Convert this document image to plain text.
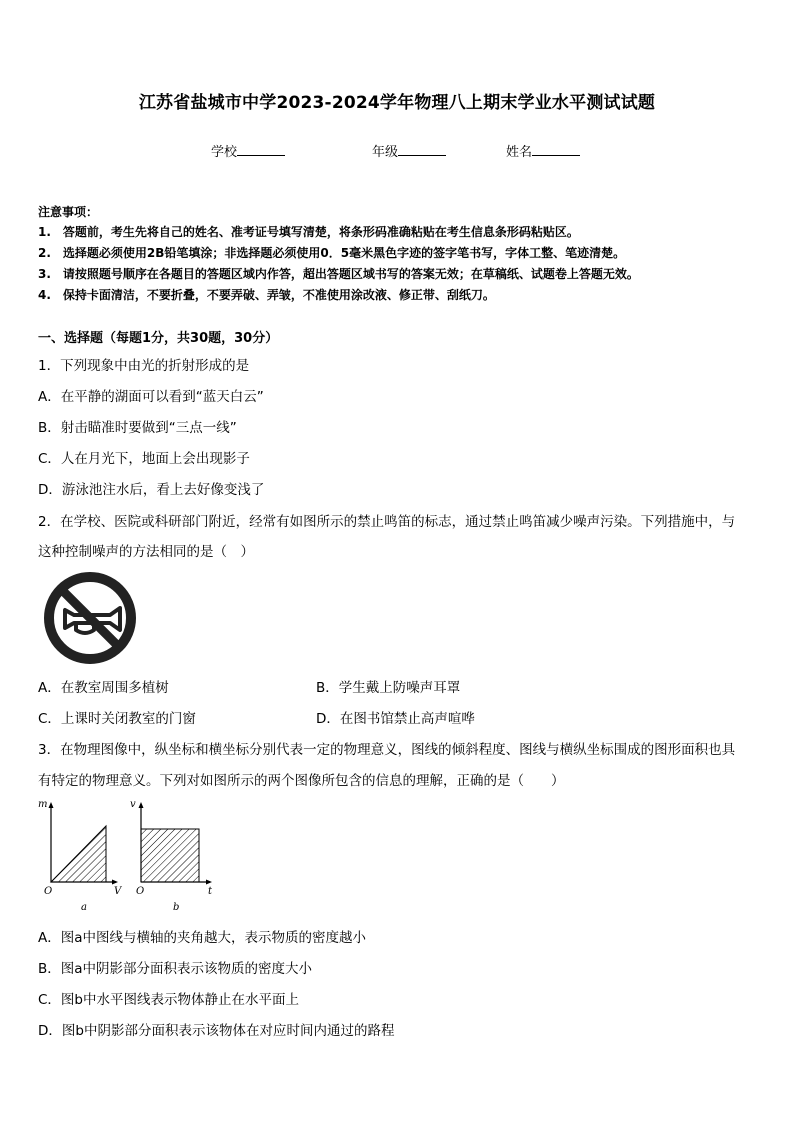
江苏省盐城市中学2023-2024学年物理八上期末学业水平测试试题
学校	年级	姓名
注意事项：
1.　答题前，考生先将自己的姓名、准考证号填写清楚，将条形码准确粘贴在考生信息条形码粘贴区。
2.　选择题必须使用2B铅笔填涂；非选择题必须使用0．5毫米黑色字迹的签字笔书写，字体工整、笔迹清楚。
3.　请按照题号顺序在各题目的答题区域内作答，超出答题区域书写的答案无效；在草稿纸、试题卷上答题无效。
4.　保持卡面清洁，不要折叠，不要弄破、弄皱，不准使用涂改液、修正带、刮纸刀。
一、选择题（每题1分，共30题，30分）
1．下列现象中由光的折射形成的是
A．在平静的湖面可以看到“蓝天白云”
B．射击瞄准时要做到“三点一线”
C．人在月光下，地面上会出现影子
D．游泳池注水后，看上去好像变浅了
2．在学校、医院或科研部门附近，经常有如图所示的禁止鸣笛的标志，通过禁止鸣笛减少噪声污染。下列措施中，与
这种控制噪声的方法相同的是（　）
A．在教室周围多植树	B．学生戴上防噪声耳罩
C．上课时关闭教室的门窗	D．在图书馆禁止高声喧哗
3．在物理图像中，纵坐标和横坐标分别代表一定的物理意义，图线的倾斜程度、图线与横纵坐标围成的图形面积也具
有特定的物理意义。下列对如图所示的两个图像所包含的信息的理解，正确的是（　　）
m
O	V
a
v
O	t
b
A．图a中图线与横轴的夹角越大，表示物质的密度越小
B．图a中阴影部分面积表示该物质的密度大小
C．图b中水平图线表示物体静止在水平面上
D．图b中阴影部分面积表示该物体在对应时间内通过的路程
